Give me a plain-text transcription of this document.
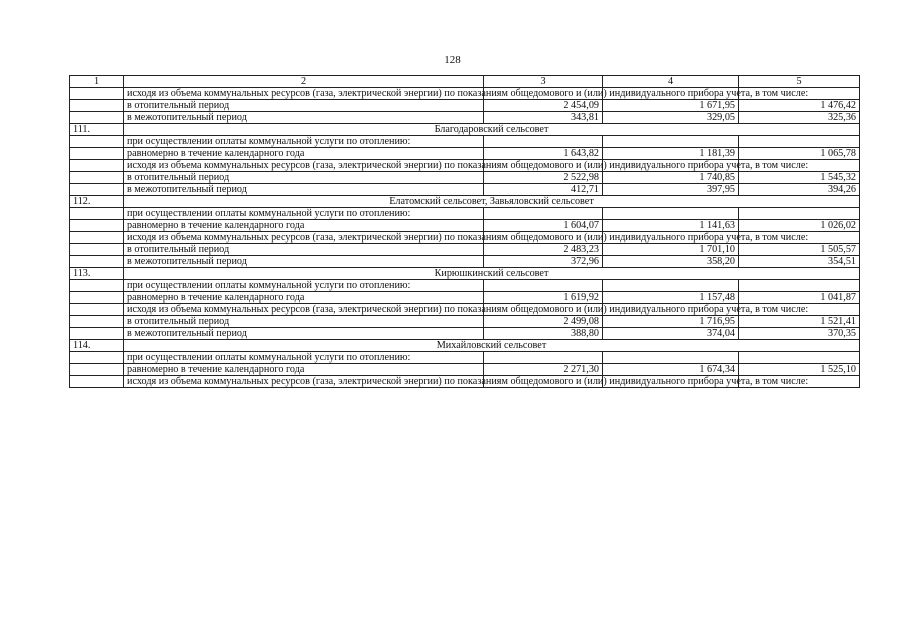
128
1	2	3	4	5
	исходя из объема коммунальных ресурсов (газа, электрической энергии) по показаниям общедомового и (или) индивидуального прибора учета, в том числе:			
	в отопительный период	2 454,09	1 671,95	1 476,42
	в межотопительный период	343,81	329,05	325,36
111.	Благодаровский сельсовет			
	при осуществлении оплаты коммунальной услуги по отоплению:			
	равномерно в течение календарного года	1 643,82	1 181,39	1 065,78
	исходя из объема коммунальных ресурсов (газа, электрической энергии) по показаниям общедомового и (или) индивидуального прибора учета, в том числе:			
	в отопительный период	2 522,98	1 740,85	1 545,32
	в межотопительный период	412,71	397,95	394,26
112.	Елатомский сельсовет, Завьяловский сельсовет			
	при осуществлении оплаты коммунальной услуги по отоплению:			
	равномерно в течение календарного года	1 604,07	1 141,63	1 026,02
	исходя из объема коммунальных ресурсов (газа, электрической энергии) по показаниям общедомового и (или) индивидуального прибора учета, в том числе:			
	в отопительный период	2 483,23	1 701,10	1 505,57
	в межотопительный период	372,96	358,20	354,51
113.	Кирюшкинский сельсовет			
	при осуществлении оплаты коммунальной услуги по отоплению:			
	равномерно в течение календарного года	1 619,92	1 157,48	1 041,87
	исходя из объема коммунальных ресурсов (газа, электрической энергии) по показаниям общедомового и (или) индивидуального прибора учета, в том числе:			
	в отопительный период	2 499,08	1 716,95	1 521,41
	в межотопительный период	388,80	374,04	370,35
114.	Михайловский сельсовет			
	при осуществлении оплаты коммунальной услуги по отоплению:			
	равномерно в течение календарного года	2 271,30	1 674,34	1 525,10
	исходя из объема коммунальных ресурсов (газа, электрической энергии) по показаниям общедомового и (или) индивидуального прибора учета, в том числе:			
